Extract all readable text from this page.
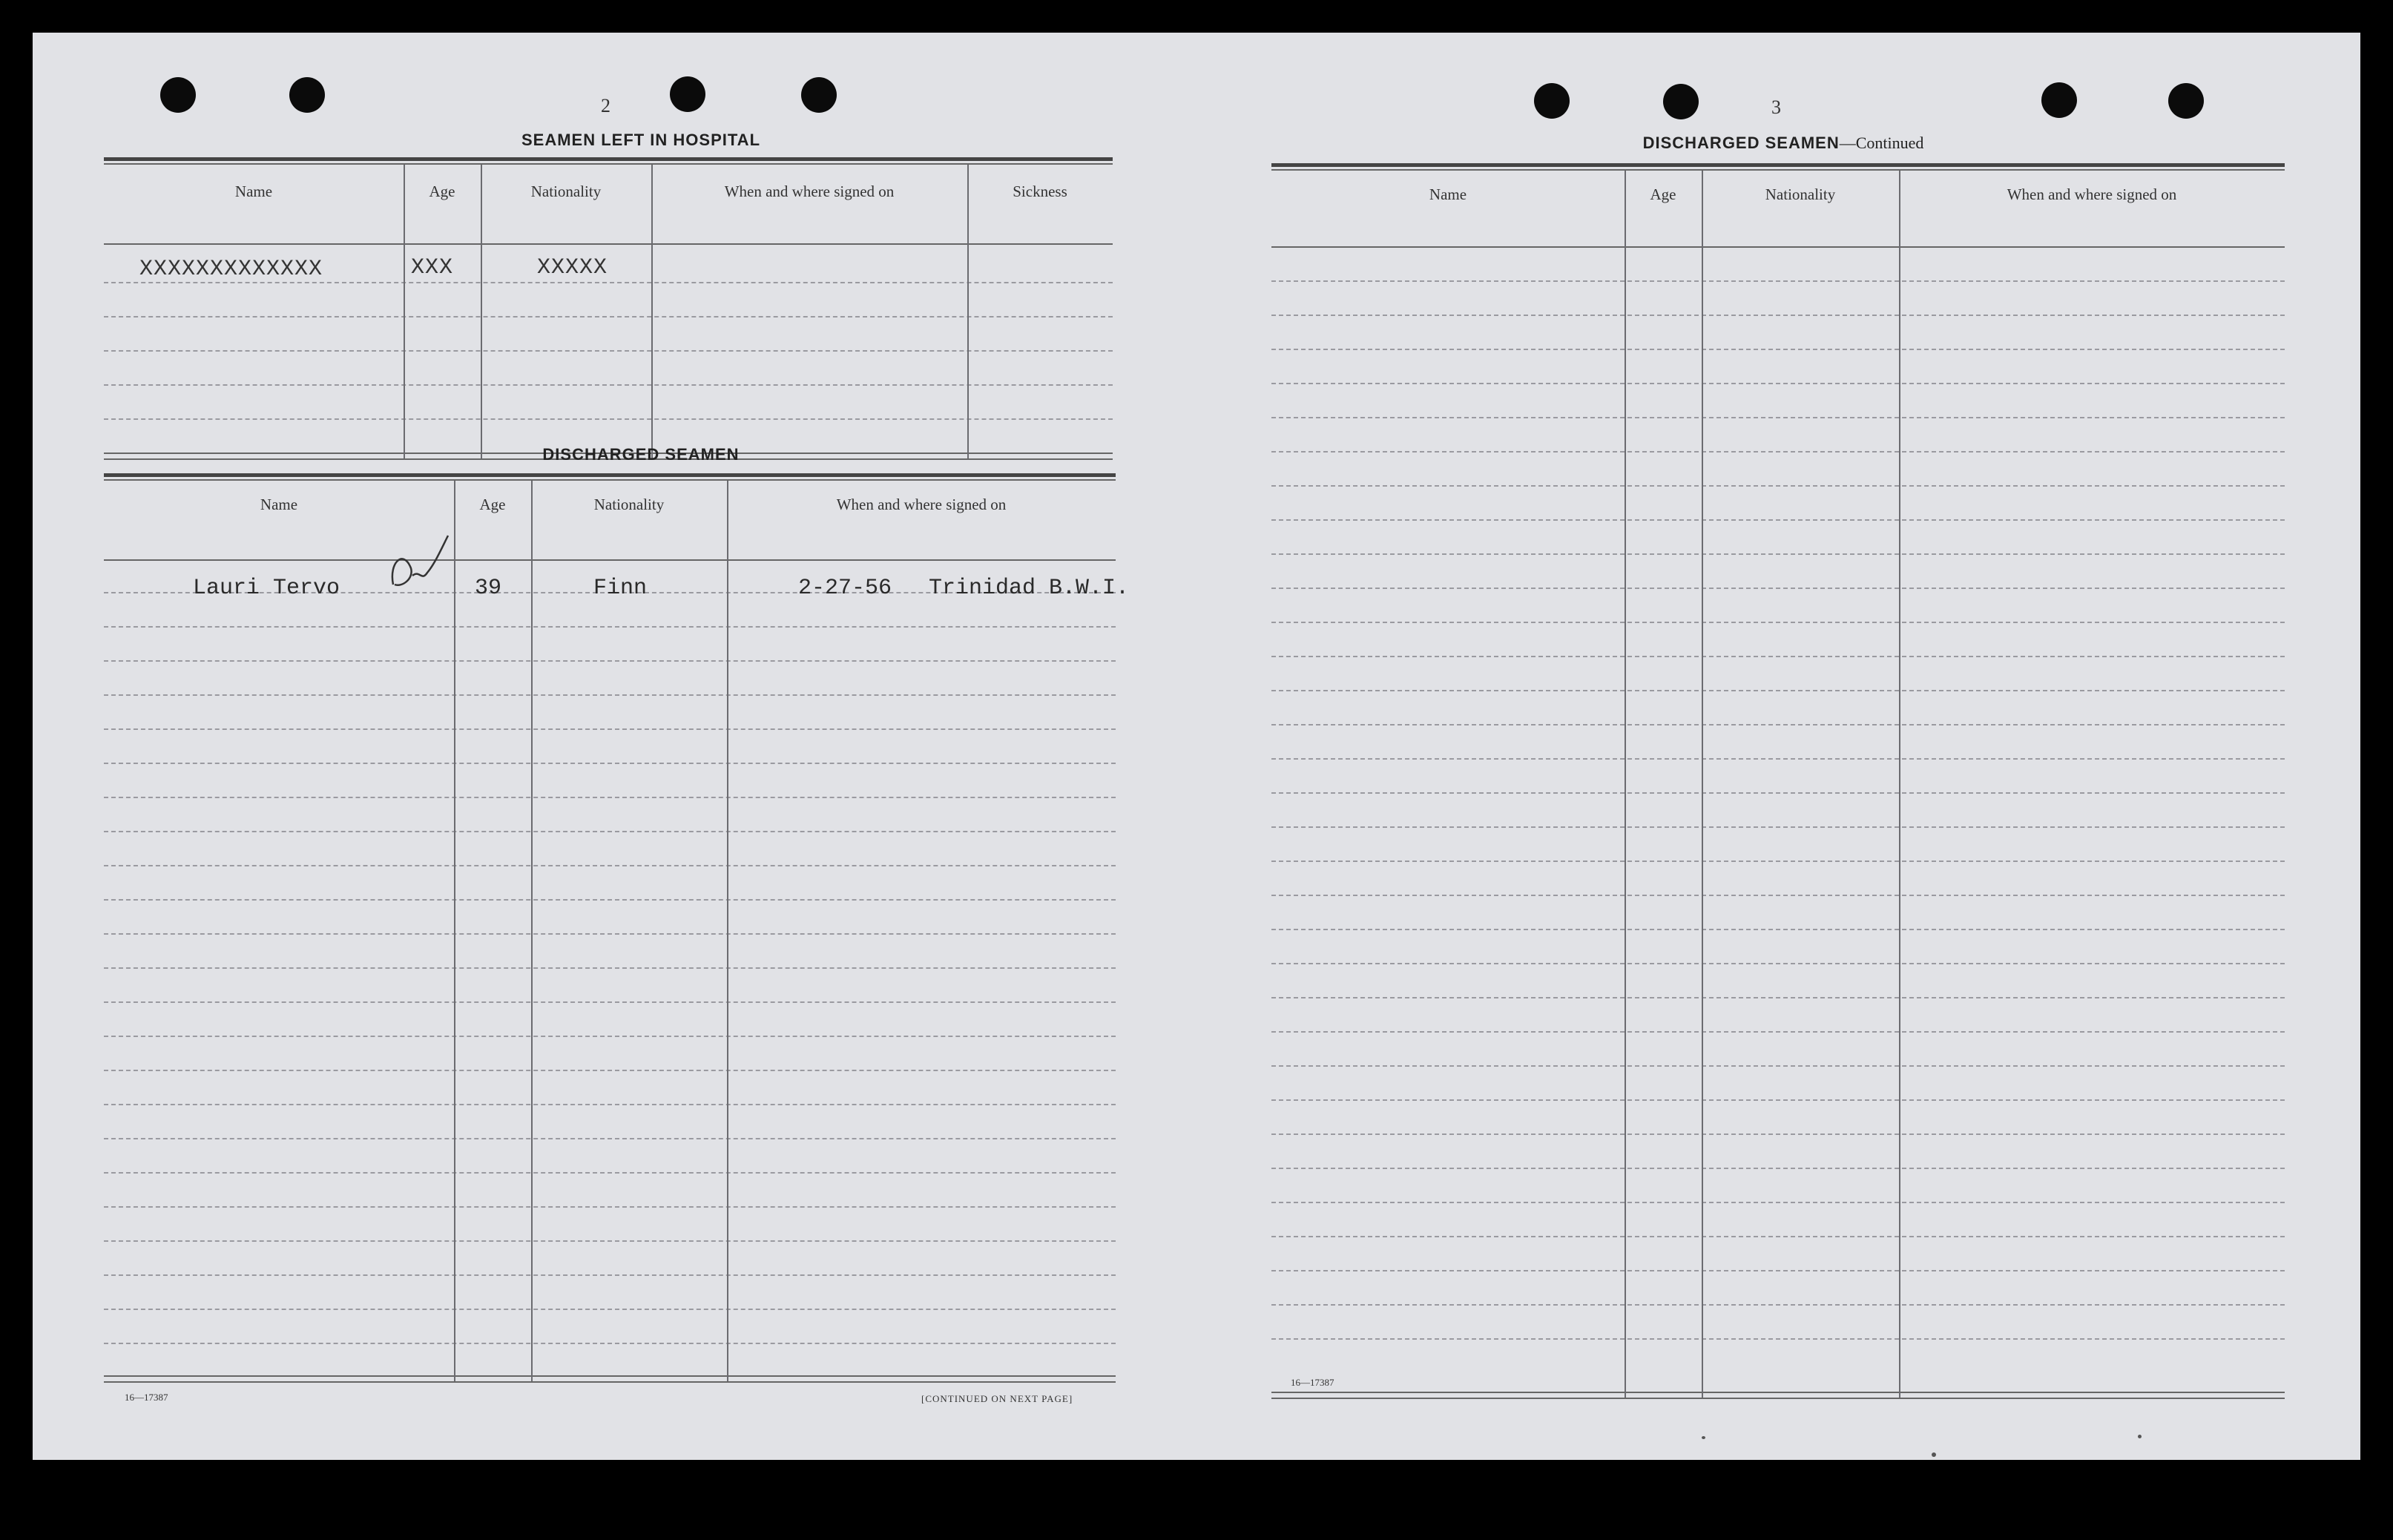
2
SEAMEN LEFT IN HOSPITAL
Name	Age	Nationality	When and where signed on	Sickness
XXXXXXXXXXXXX	XXX	XXXXX
DISCHARGED SEAMEN
Name	Age	Nationality	When and where signed on
Lauri Tervo	39	Finn	2-27-56 Trinidad B.W.I.
16—17387	[CONTINUED ON NEXT PAGE]
3
DISCHARGED SEAMEN—Continued
Name	Age	Nationality	When and where signed on
16—17387
